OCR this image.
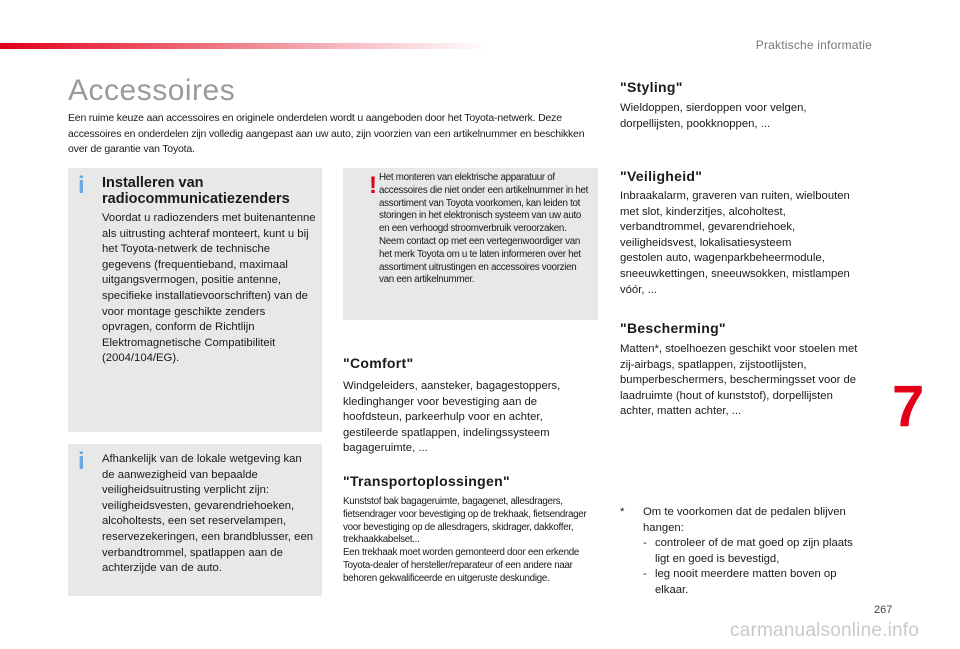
Praktische informatie
Accessoires

Een ruime keuze aan accessoires en originele onderdelen wordt u aangeboden door het Toyota-netwerk. Deze accessoires en onderdelen zijn volledig aangepast aan uw auto, zijn voorzien van een artikelnummer en beschikken over de garantie van Toyota.

i Installeren van radiocommunicatiezenders

Voordat u radiozenders met buitenantenne als uitrusting achteraf monteert, kunt u bij het Toyota-netwerk de technische gegevens (frequentieband, maximaal uitgangsvermogen, positie antenne, specifieke installatievoorschriften) van de voor montage geschikte zenders opvragen, conform de Richtlijn Elektromagnetische Compatibiliteit (2004/104/EG).

i Afhankelijk van de lokale wetgeving kan de aanwezigheid van bepaalde veiligheidsuitrusting verplicht zijn: veiligheidsvesten, gevarendriehoeken, alcoholtests, een set reservelampen, reservezekeringen, een brandblusser, een verbandtrommel, spatlappen aan de achterzijde van de auto.

! Het monteren van elektrische apparatuur of accessoires die niet onder een artikelnummer in het assortiment van Toyota voorkomen, kan leiden tot storingen in het elektronisch systeem van uw auto en een verhoogd stroomverbruik veroorzaken.
Neem contact op met een vertegenwoordiger van het merk Toyota om u te laten informeren over het assortiment uitrustingen en accessoires voorzien van een artikelnummer.

"Comfort"

Windgeleiders, aansteker, bagagestoppers, kledinghanger voor bevestiging aan de hoofdsteun, parkeerhulp voor en achter, gestileerde spatlappen, indelingssysteem bagageruimte, ...

"Transportoplossingen"

Kunststof bak bagageruimte, bagagenet, allesdragers, fietsendrager voor bevestiging op de trekhaak, fietsendrager voor bevestiging op de allesdragers, skidrager, dakkoffer, trekhaakkabelset...
Een trekhaak moet worden gemonteerd door een erkende Toyota-dealer of hersteller/reparateur of een andere naar behoren gekwalificeerde en uitgeruste deskundige.

"Styling"

Wieldoppen, sierdoppen voor velgen, dorpellijsten, pookknoppen, ...

"Veiligheid"

Inbraakalarm, graveren van ruiten, wielbouten met slot, kinderzitjes, alcoholtest, verbandtrommel, gevarendriehoek, veiligheidsvest, lokalisatiesysteem
gestolen auto, wagenparkbeheermodule, sneeuwkettingen, sneeuwsokken, mistlampen vóór, ...

"Bescherming"

Matten*, stoelhoezen geschikt voor stoelen met zij-airbags, spatlappen, zijstootlijsten, bumperbeschermers, beschermingsset voor de laadruimte (hout of kunststof), dorpellijsten achter, matten achter, ...

* Om te voorkomen dat de pedalen blijven hangen:
- controleer of de mat goed op zijn plaats ligt en goed is bevestigd,
- leg nooit meerdere matten boven op elkaar.
7
267
carmanualsonline.info
